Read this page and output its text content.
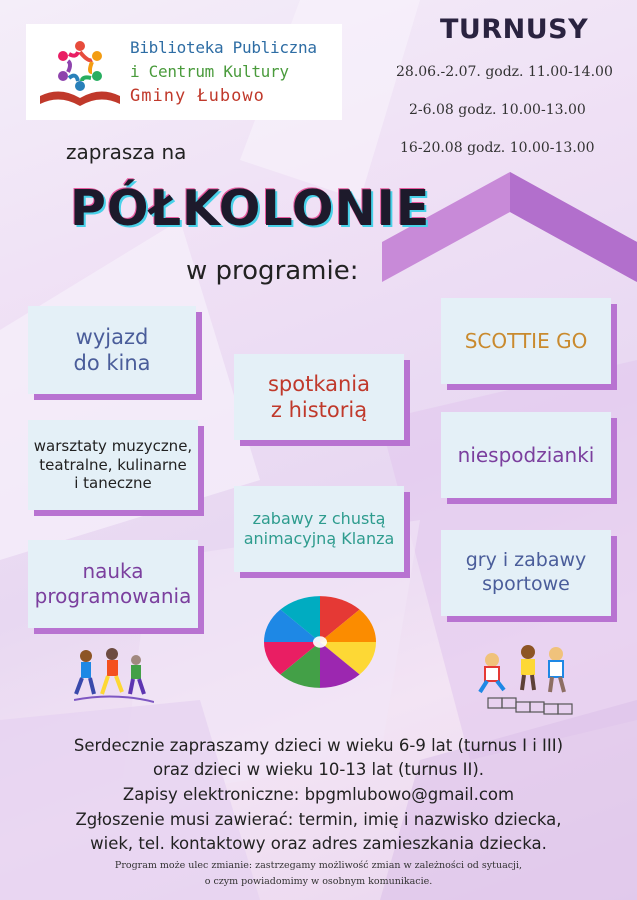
Biblioteka Publiczna
i Centrum Kultury
Gminy Łubowo
TURNUSY
28.06.-2.07. godz. 11.00-14.00
2-6.08 godz. 10.00-13.00
16-20.08 godz. 10.00-13.00
zaprasza na
PÓŁKOLONIE
w programie:
wyjazd
do kina
spotkania
z historią
SCOTTIE GO
warsztaty muzyczne,
teatralne, kulinarne
i taneczne
niespodzianki
zabawy z chustą
animacyjną Klanza
nauka
programowania
gry i zabawy
sportowe
Serdecznie zapraszamy dzieci w wieku 6-9 lat (turnus I i III)
oraz dzieci w wieku 10-13 lat (turnus II).
Zapisy elektroniczne: bpgmlubowo@gmail.com
Zgłoszenie musi zawierać: termin, imię i nazwisko dziecka,
wiek, tel. kontaktowy oraz adres zamieszkania dziecka.
Program może ulec zmianie: zastrzegamy możliwość zmian w zależności od sytuacji,
o czym powiadomimy w osobnym komunikacie.
